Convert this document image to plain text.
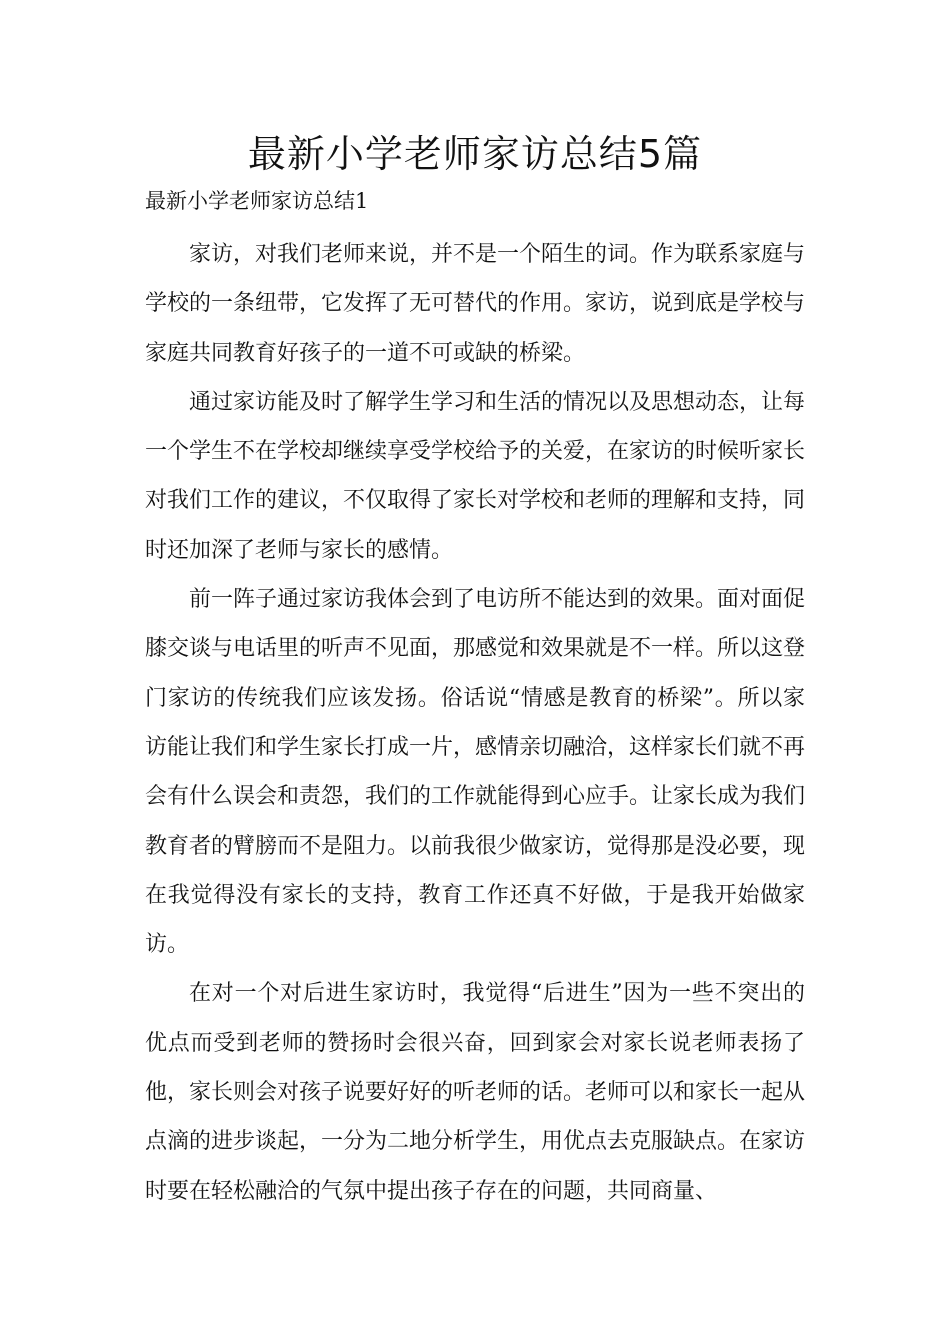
最新小学老师家访总结5篇
最新小学老师家访总结1

家访，对我们老师来说，并不是一个陌生的词。作为联系家庭与学校的一条纽带，它发挥了无可替代的作用。家访，说到底是学校与家庭共同教育好孩子的一道不可或缺的桥梁。

通过家访能及时了解学生学习和生活的情况以及思想动态，让每一个学生不在学校却继续享受学校给予的关爱，在家访的时候听家长对我们工作的建议，不仅取得了家长对学校和老师的理解和支持，同时还加深了老师与家长的感情。

前一阵子通过家访我体会到了电访所不能达到的效果。面对面促膝交谈与电话里的听声不见面，那感觉和效果就是不一样。所以这登门家访的传统我们应该发扬。俗话说“情感是教育的桥梁”。所以家访能让我们和学生家长打成一片，感情亲切融洽，这样家长们就不再会有什么误会和责怨，我们的工作就能得到心应手。让家长成为我们教育者的臂膀而不是阻力。以前我很少做家访，觉得那是没必要，现在我觉得没有家长的支持，教育工作还真不好做，于是我开始做家访。

在对一个对后进生家访时，我觉得“后进生”因为一些不突出的优点而受到老师的赞扬时会很兴奋，回到家会对家长说老师表扬了他，家长则会对孩子说要好好的听老师的话。老师可以和家长一起从点滴的进步谈起，一分为二地分析学生，用优点去克服缺点。在家访时要在轻松融洽的气氛中提出孩子存在的问题，共同商量、
